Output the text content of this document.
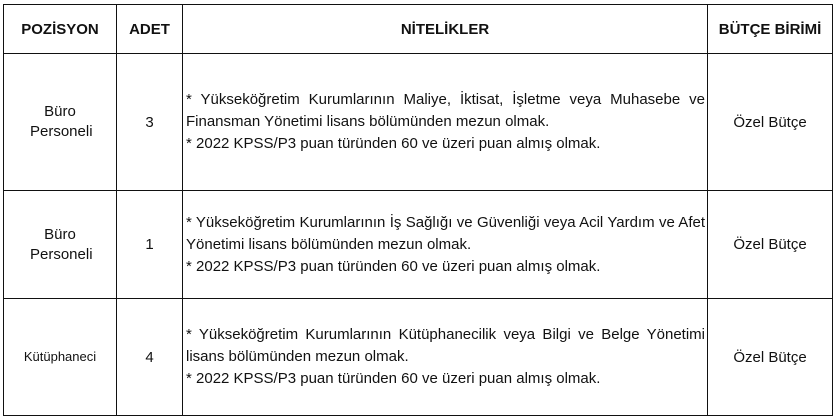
POZİSYON	ADET	NİTELİKLER	BÜTÇE BİRİMİ
Büro Personeli	3	* Yükseköğretim Kurumlarının Maliye, İktisat, İşletme veya Muhasebe ve Finansman Yönetimi lisans bölümünden mezun olmak.
* 2022 KPSS/P3 puan türünden 60 ve üzeri puan almış olmak.	Özel Bütçe
Büro Personeli	1	* Yükseköğretim Kurumlarının İş Sağlığı ve Güvenliği veya Acil Yardım ve Afet Yönetimi lisans bölümünden mezun olmak.
* 2022 KPSS/P3 puan türünden 60 ve üzeri puan almış olmak.	Özel Bütçe
Kütüphaneci	4	* Yükseköğretim Kurumlarının Kütüphanecilik veya Bilgi ve Belge Yönetimi lisans bölümünden mezun olmak.
* 2022 KPSS/P3 puan türünden 60 ve üzeri puan almış olmak.	Özel Bütçe
